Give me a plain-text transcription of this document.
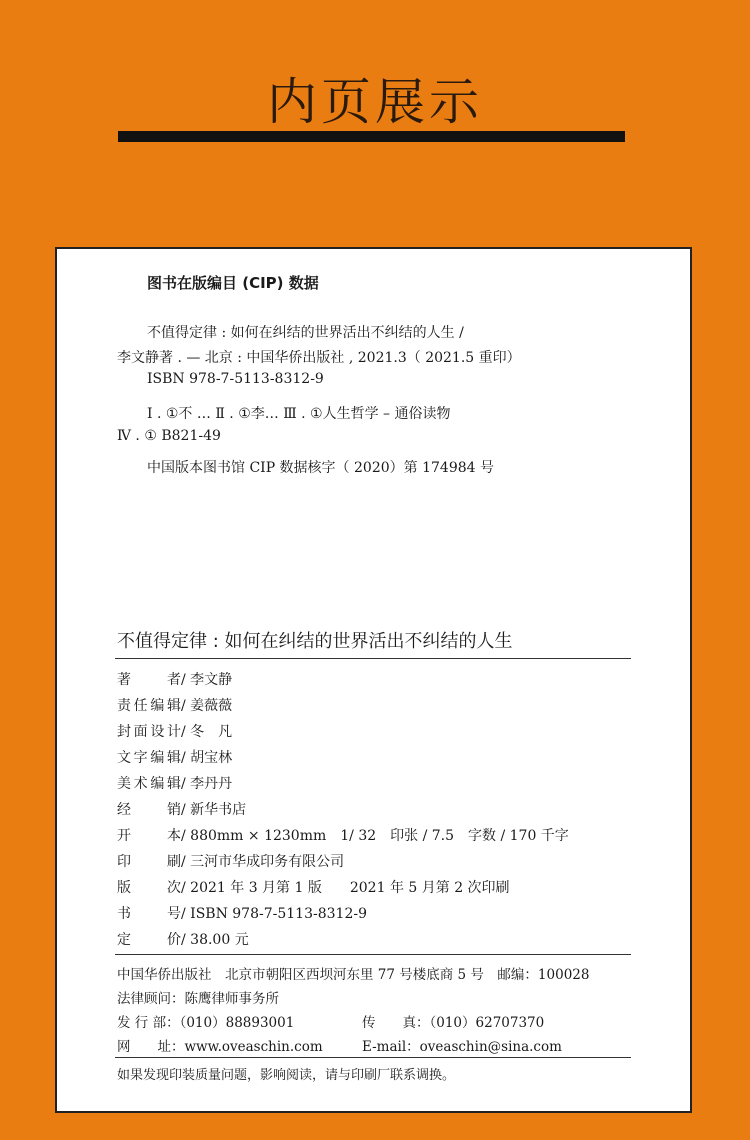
内页展示
图书在版编目 (CIP) 数据
不值得定律 : 如何在纠结的世界活出不纠结的人生 /
李文静著 . — 北京 : 中国华侨出版社 , 2021.3（ 2021.5 重印）
ISBN 978-7-5113-8312-9
Ⅰ . ①不 … Ⅱ . ①李… Ⅲ . ①人生哲学 – 通俗读物
Ⅳ . ① B821-49
中国版本图书馆 CIP 数据核字（ 2020）第 174984 号
不值得定律 : 如何在纠结的世界活出不纠结的人生
著　　者/ 李文静
责任编辑/ 姜薇薇
封面设计/ 冬　凡
文字编辑/ 胡宝林
美术编辑/ 李丹丹
经　　销/ 新华书店
开　　本/ 880mm × 1230mm　1/ 32　印张 / 7.5　字数 / 170 千字
印　　刷/ 三河市华成印务有限公司
版　　次/ 2021 年 3 月第 1 版　　2021 年 5 月第 2 次印刷
书　　号/ ISBN 978-7-5113-8312-9
定　　价/ 38.00 元
中国华侨出版社　北京市朝阳区西坝河东里 77 号楼底商 5 号　邮编：100028
法律顾问：陈鹰律师事务所
发 行 部：（010）88893001	传　　真：（010）62707370
网　　址：www.oveaschin.com	E-mail：oveaschin@sina.com
如果发现印装质量问题，影响阅读，请与印刷厂联系调换。
